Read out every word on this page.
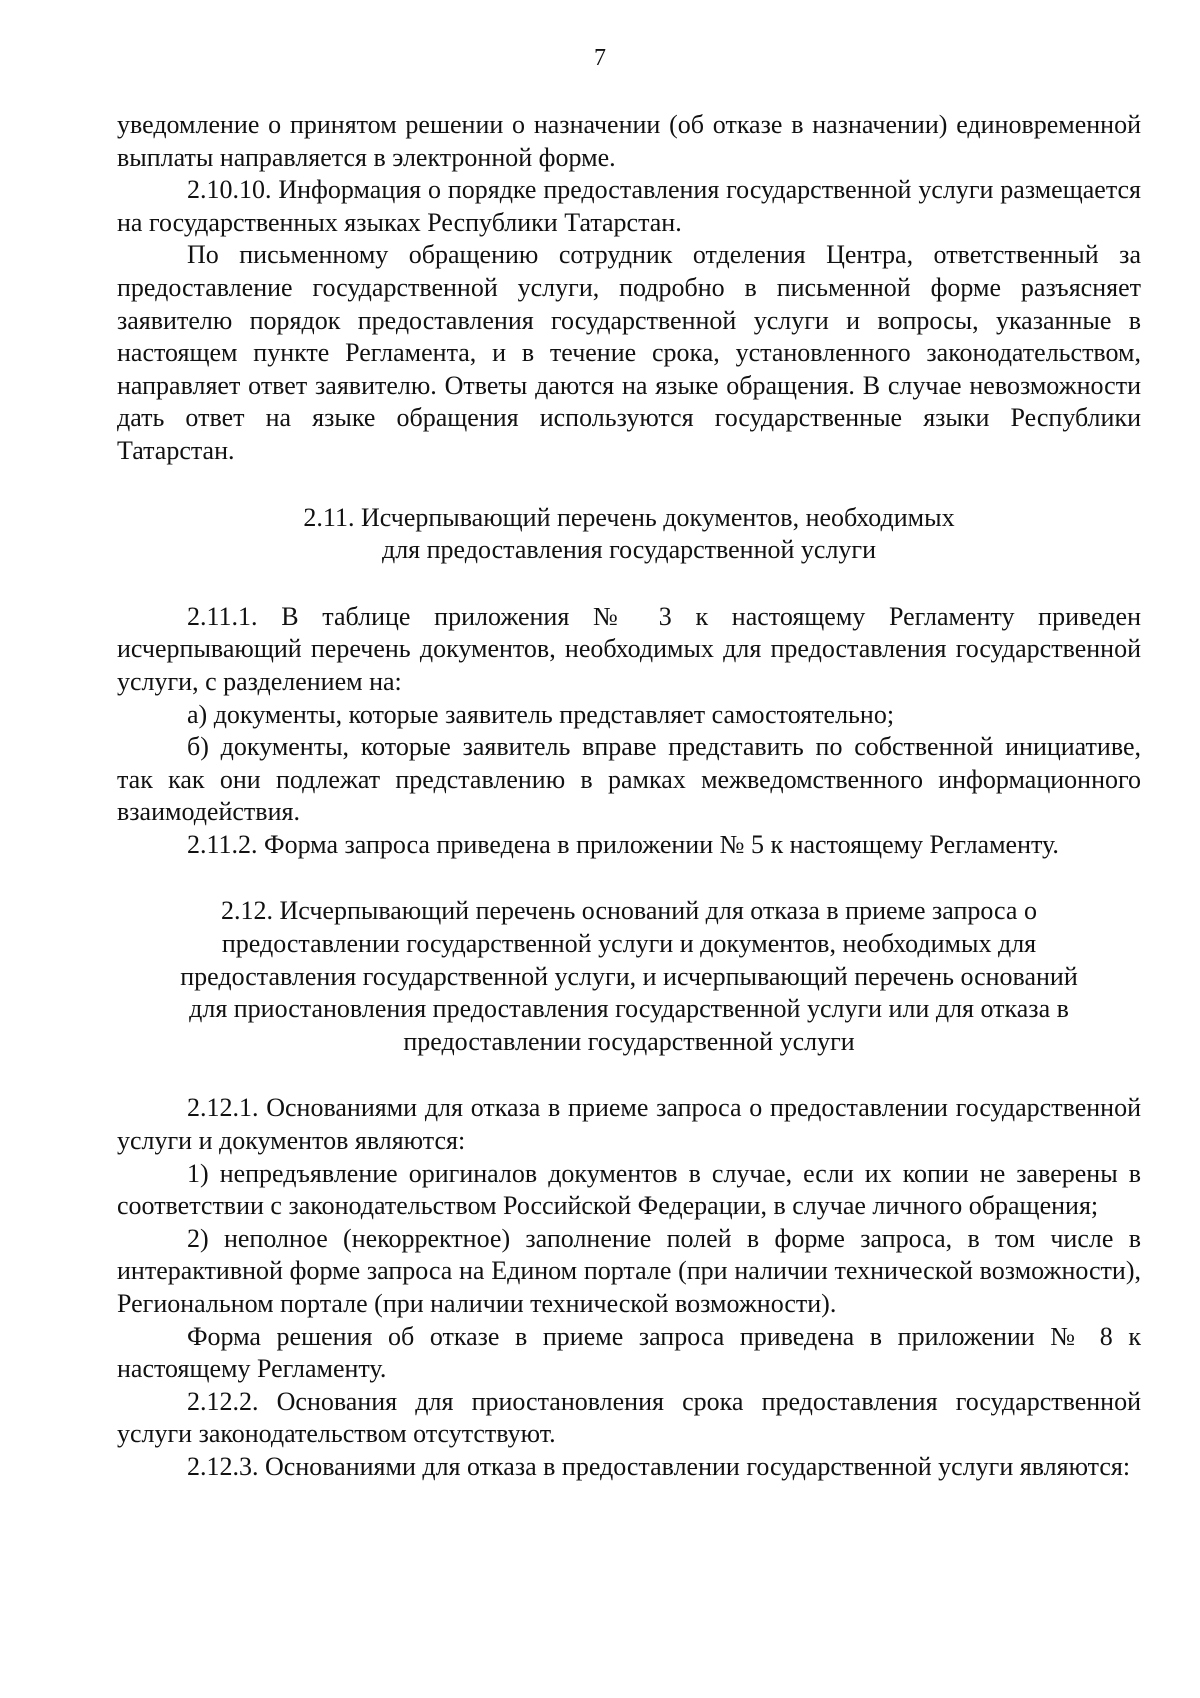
7

уведомление о принятом решении о назначении (об отказе в назначении) единовременной выплаты направляется в электронной форме.

2.10.10. Информация о порядке предоставления государственной услуги размещается на государственных языках Республики Татарстан.

По письменному обращению сотрудник отделения Центра, ответственный за предоставление государственной услуги, подробно в письменной форме разъясняет заявителю порядок предоставления государственной услуги и вопросы, указанные в настоящем пункте Регламента, и в течение срока, установленного законодательством, направляет ответ заявителю. Ответы даются на языке обращения. В случае невозможности дать ответ на языке обращения используются государственные языки Республики Татарстан.

2.11. Исчерпывающий перечень документов, необходимых
для предоставления государственной услуги

2.11.1. В таблице приложения № 3 к настоящему Регламенту приведен исчерпывающий перечень документов, необходимых для предоставления государственной услуги, с разделением на:

а) документы, которые заявитель представляет самостоятельно;

б) документы, которые заявитель вправе представить по собственной инициативе, так как они подлежат представлению в рамках межведомственного информационного взаимодействия.

2.11.2. Форма запроса приведена в приложении № 5 к настоящему Регламенту.

2.12. Исчерпывающий перечень оснований для отказа в приеме запроса о
предоставлении государственной услуги и документов, необходимых для
предоставления государственной услуги, и исчерпывающий перечень оснований
для приостановления предоставления государственной услуги или для отказа в
предоставлении государственной услуги

2.12.1. Основаниями для отказа в приеме запроса о предоставлении государственной услуги и документов являются:

1) непредъявление оригиналов документов в случае, если их копии не заверены в соответствии с законодательством Российской Федерации, в случае личного обращения;

2) неполное (некорректное) заполнение полей в форме запроса, в том числе в интерактивной форме запроса на Едином портале (при наличии технической возможности), Региональном портале (при наличии технической возможности).

Форма решения об отказе в приеме запроса приведена в приложении № 8 к настоящему Регламенту.

2.12.2. Основания для приостановления срока предоставления государственной услуги законодательством отсутствуют.

2.12.3. Основаниями для отказа в предоставлении государственной услуги являются:
